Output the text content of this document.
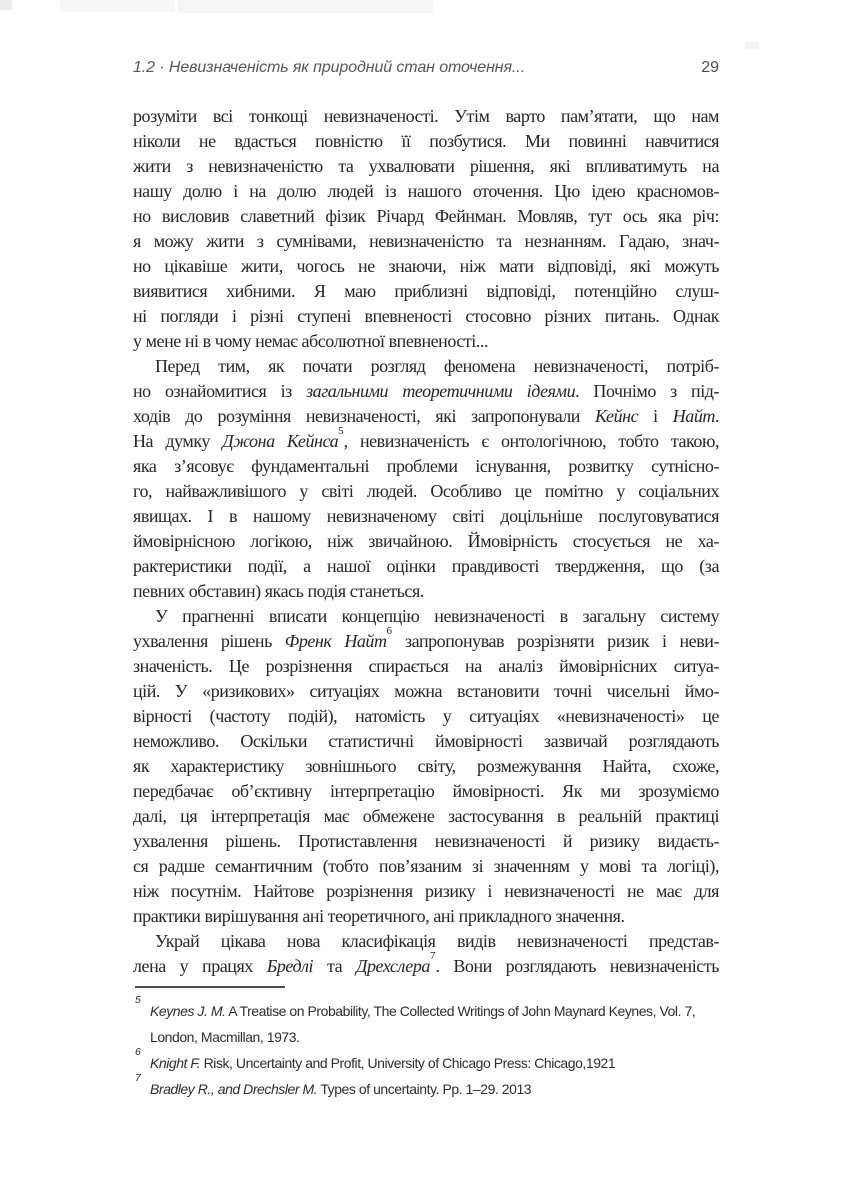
1.2 · Невизначеність як природний стан оточення...	29
розуміти всі тонкощі невизначеності. Утім варто пам’ятати, що нам
ніколи не вдасться повністю її позбутися. Ми повинні навчитися
жити з невизначеністю та ухвалювати рішення, які впливатимуть на
нашу долю і на долю людей із нашого оточення. Цю ідею красномов-
но висловив славетний фізик Річард Фейнман. Мовляв, тут ось яка річ:
я можу жити з сумнівами, невизначеністю та незнанням. Гадаю, знач-
но цікавіше жити, чогось не знаючи, ніж мати відповіді, які можуть
виявитися хибними. Я маю приблизні відповіді, потенційно слуш-
ні погляди і різні ступені впевненості стосовно різних питань. Однак
у мене ні в чому немає абсолютної впевненості...
Перед тим, як почати розгляд феномена невизначеності, потріб-
но ознайомитися із загальними теоретичними ідеями. Почнімо з під-
ходів до розуміння невизначеності, які запропонували Кейнс і Найт.
На думку Джона Кейнса$^5$, невизначеність є онтологічною, тобто такою,
яка з’ясовує фундаментальні проблеми існування, розвитку сутнісно-
го, найважливішого у світі людей. Особливо це помітно у соціальних
явищах. І в нашому невизначеному світі доцільніше послуговуватися
ймовірнісною логікою, ніж звичайною. Ймовірність стосується не ха-
рактеристики події, а нашої оцінки правдивості твердження, що (за
певних обставин) якась подія станеться.
У прагненні вписати концепцію невизначеності в загальну систему
ухвалення рішень Френк Найт$^6$ запропонував розрізняти ризик і неви-
значеність. Це розрізнення спирається на аналіз ймовірнісних ситуа-
цій. У «ризикових» ситуаціях можна встановити точні чисельні ймо-
вірності (частоту подій), натомість у ситуаціях «невизначеності» це
неможливо. Оскільки статистичні ймовірності зазвичай розглядають
як характеристику зовнішнього світу, розмежування Найта, схоже,
передбачає об’єктивну інтерпретацію ймовірності. Як ми зрозуміємо
далі, ця інтерпретація має обмежене застосування в реальній практиці
ухвалення рішень. Протиставлення невизначеності й ризику видаєть-
ся радше семантичним (тобто пов’язаним зі значенням у мові та логіці),
ніж посутнім. Найтове розрізнення ризику і невизначеності не має для
практики вирішування ані теоретичного, ані прикладного значення.
Украй цікава нова класифікація видів невизначеності представ-
лена у працях Бредлі та Дрехслера$^7$. Вони розглядають невизначеність
5
Keynes J. M. A Treatise on Probability, The Collected Writings of John Maynard Keynes, Vol. 7,
London, Macmillan, 1973.
6
Knight F. Risk, Uncertainty and Profit, University of Chicago Press: Chicago,1921
7
Bradley R., and Drechsler M. Types of uncertainty. Pp. 1–29. 2013
